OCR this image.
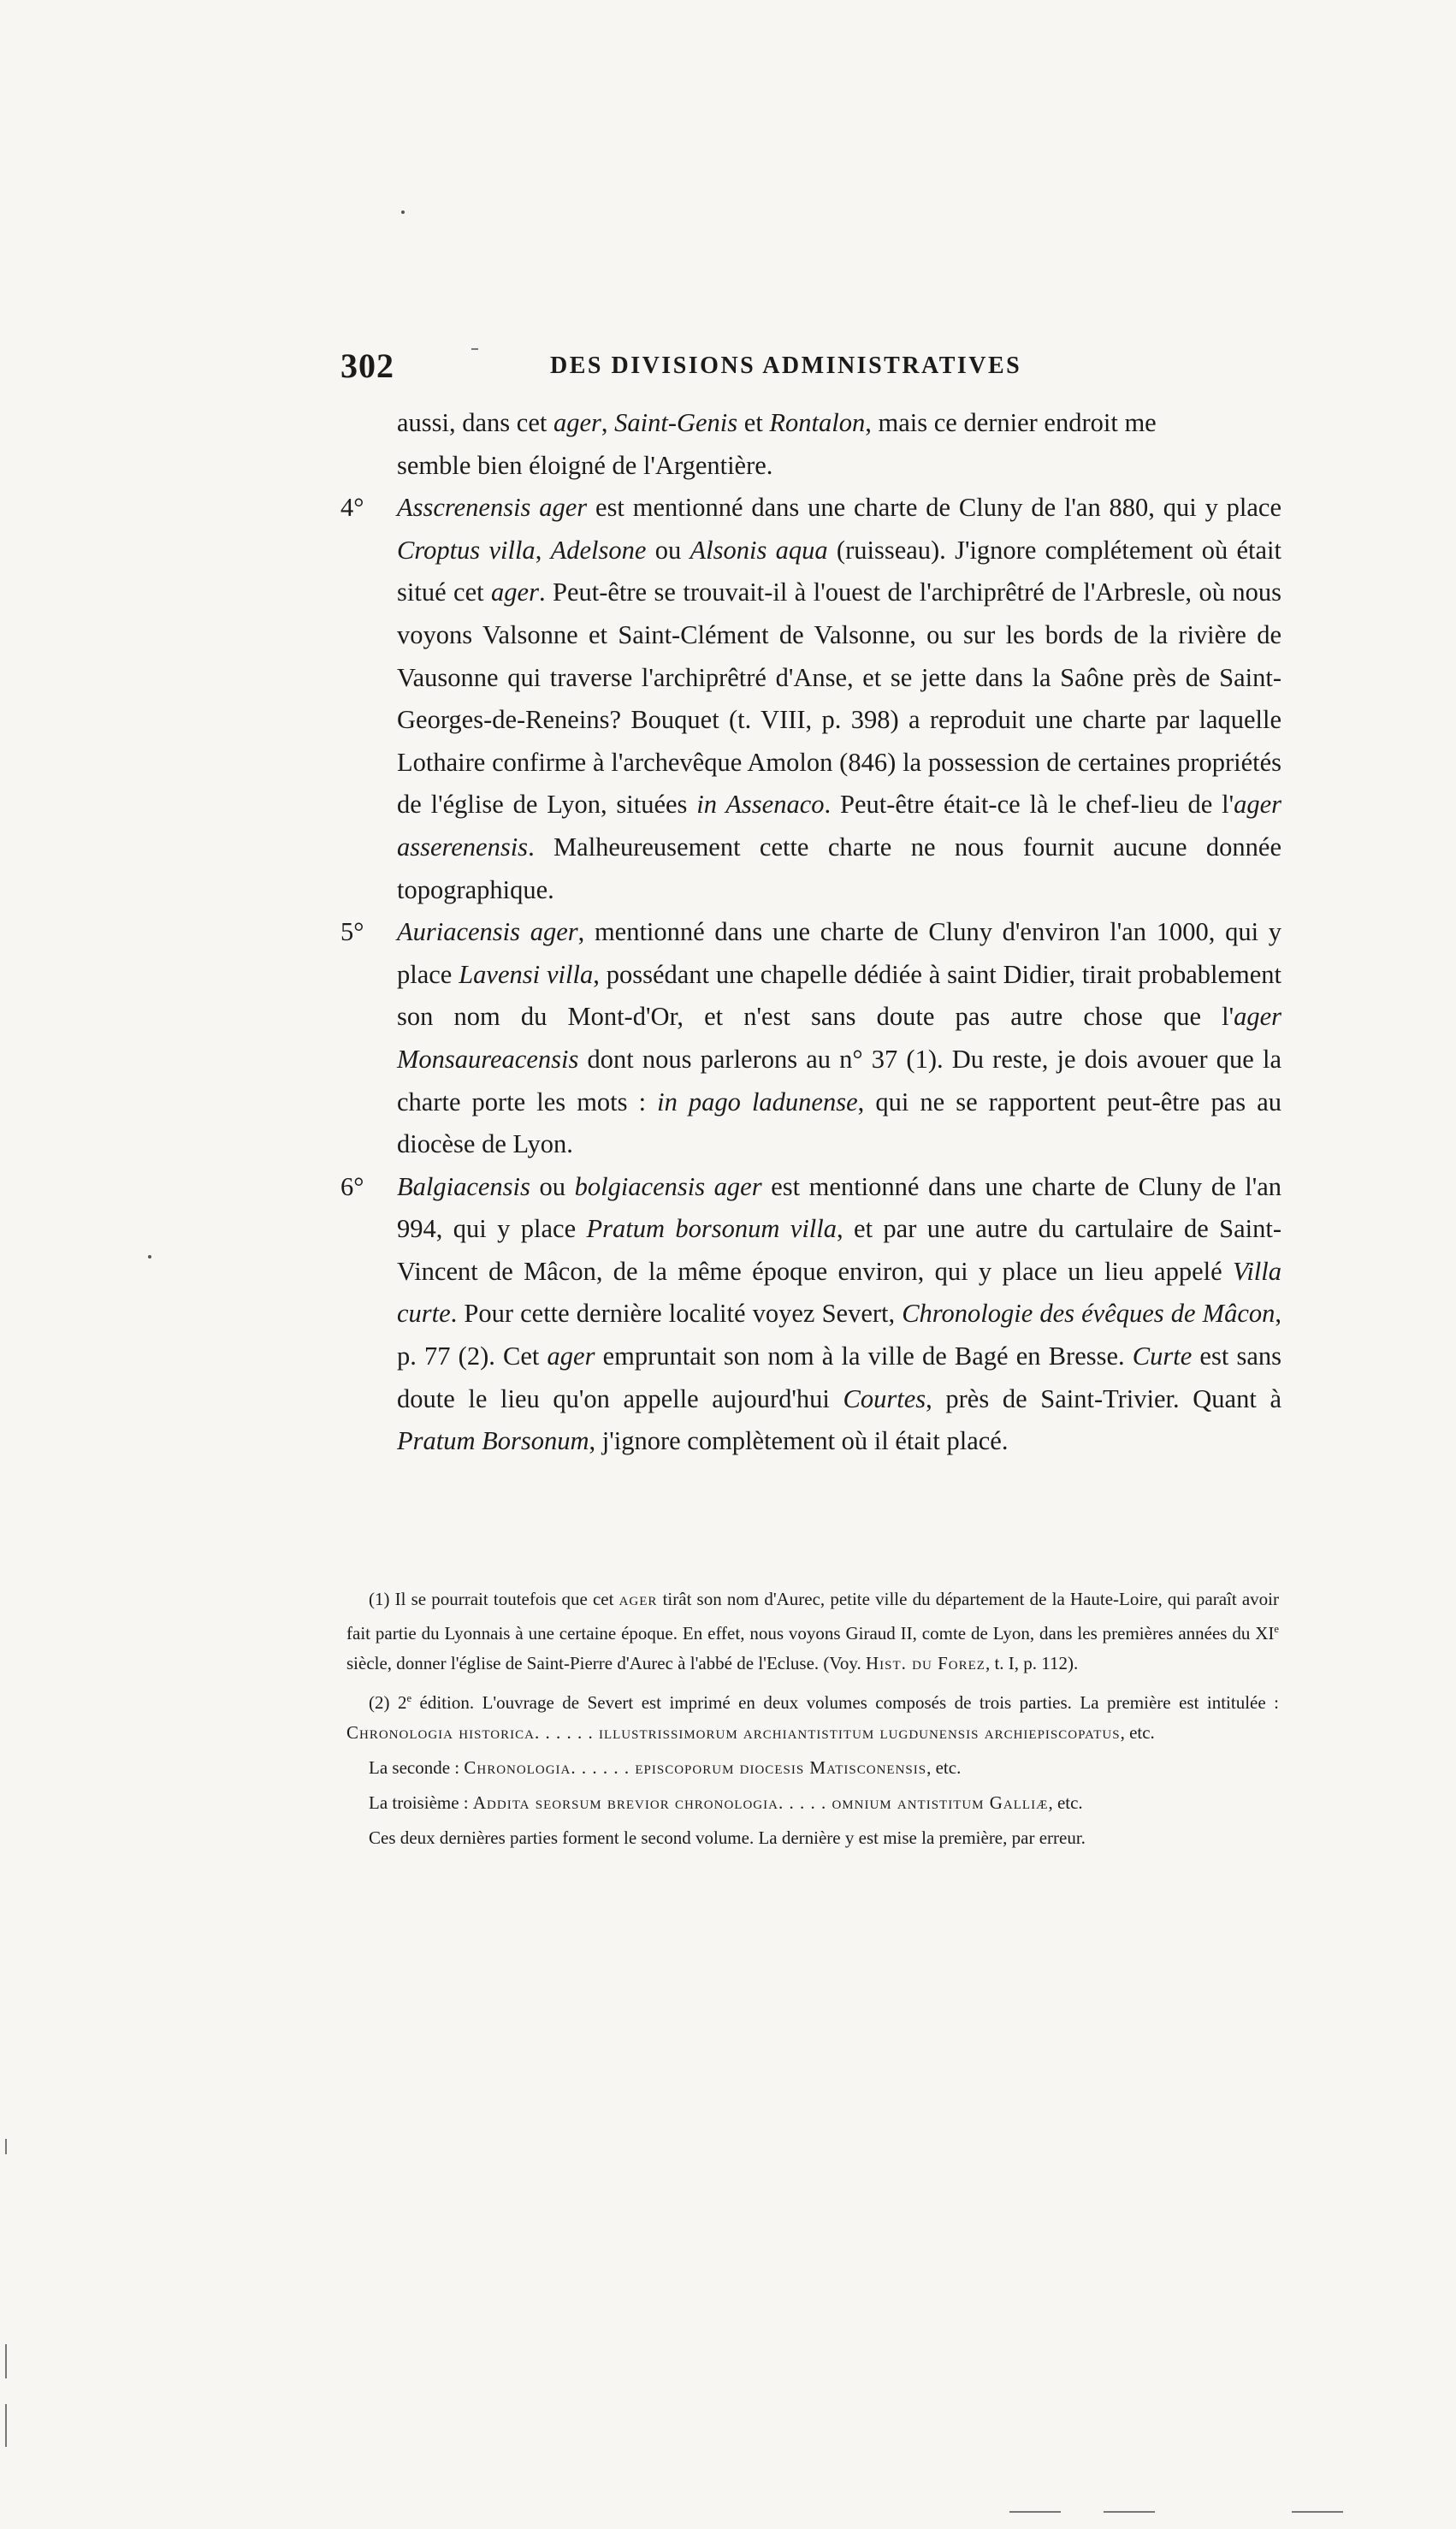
302	DES DIVISIONS ADMINISTRATIVES

aussi, dans cet ager, Saint-Genis et Rontalon, mais ce dernier endroit me
semble bien éloigné de l'Argentière.

4° Asscrenensis ager est mentionné dans une charte de Cluny de l'an 880, qui y place Croptus villa, Adelsone ou Alsonis aqua (ruisseau). J'ignore complétement où était situé cet ager. Peut-être se trouvait-il à l'ouest de l'archiprêtré de l'Arbresle, où nous voyons Valsonne et Saint-Clément de Valsonne, ou sur les bords de la rivière de Vausonne qui traverse l'archiprêtré d'Anse, et se jette dans la Saône près de Saint-Georges-de-Reneins? Bouquet (t. VIII, p. 398) a reproduit une charte par laquelle Lothaire confirme à l'archevêque Amolon (846) la possession de certaines propriétés de l'église de Lyon, situées in Assenaco. Peut-être était-ce là le chef-lieu de l'ager asserenensis. Malheureusement cette charte ne nous fournit aucune donnée topographique.

5° Auriacensis ager, mentionné dans une charte de Cluny d'environ l'an 1000, qui y place Lavensi villa, possédant une chapelle dédiée à saint Didier, tirait probablement son nom du Mont-d'Or, et n'est sans doute pas autre chose que l'ager Monsaureacensis dont nous parlerons au n° 37 (1). Du reste, je dois avouer que la charte porte les mots : in pago ladunense, qui ne se rapportent peut-être pas au diocèse de Lyon.

6° Balgiacensis ou bolgiacensis ager est mentionné dans une charte de Cluny de l'an 994, qui y place Pratum borsonum villa, et par une autre du cartulaire de Saint-Vincent de Mâcon, de la même époque environ, qui y place un lieu appelé Villa curte. Pour cette dernière localité voyez Severt, Chronologie des évêques de Mâcon, p. 77 (2). Cet ager empruntait son nom à la ville de Bagé en Bresse. Curte est sans doute le lieu qu'on appelle aujourd'hui Courtes, près de Saint-Trivier. Quant à Pratum Borsonum, j'ignore complètement où il était placé.

(1) Il se pourrait toutefois que cet ager tirât son nom d'Aurec, petite ville du département de la Haute-Loire, qui paraît avoir fait partie du Lyonnais à une certaine époque. En effet, nous voyons Giraud II, comte de Lyon, dans les premières années du XIe siècle, donner l'église de Saint-Pierre d'Aurec à l'abbé de l'Ecluse. (Voy. Hist. du Forez, t. I, p. 112).

(2) 2e édition. L'ouvrage de Severt est imprimé en deux volumes composés de trois parties. La première est intitulée : Chronologia historica. . . . . . illustrissimorum archiantistitum lugdunensis archiepiscopatus, etc.

La seconde : Chronologia. . . . . . episcoporum diocesis Matisconensis, etc.

La troisième : Addita seorsum brevior chronologia. . . . . omnium antistitum Galliæ, etc.

Ces deux dernières parties forment le second volume. La dernière y est mise la première, par erreur.
